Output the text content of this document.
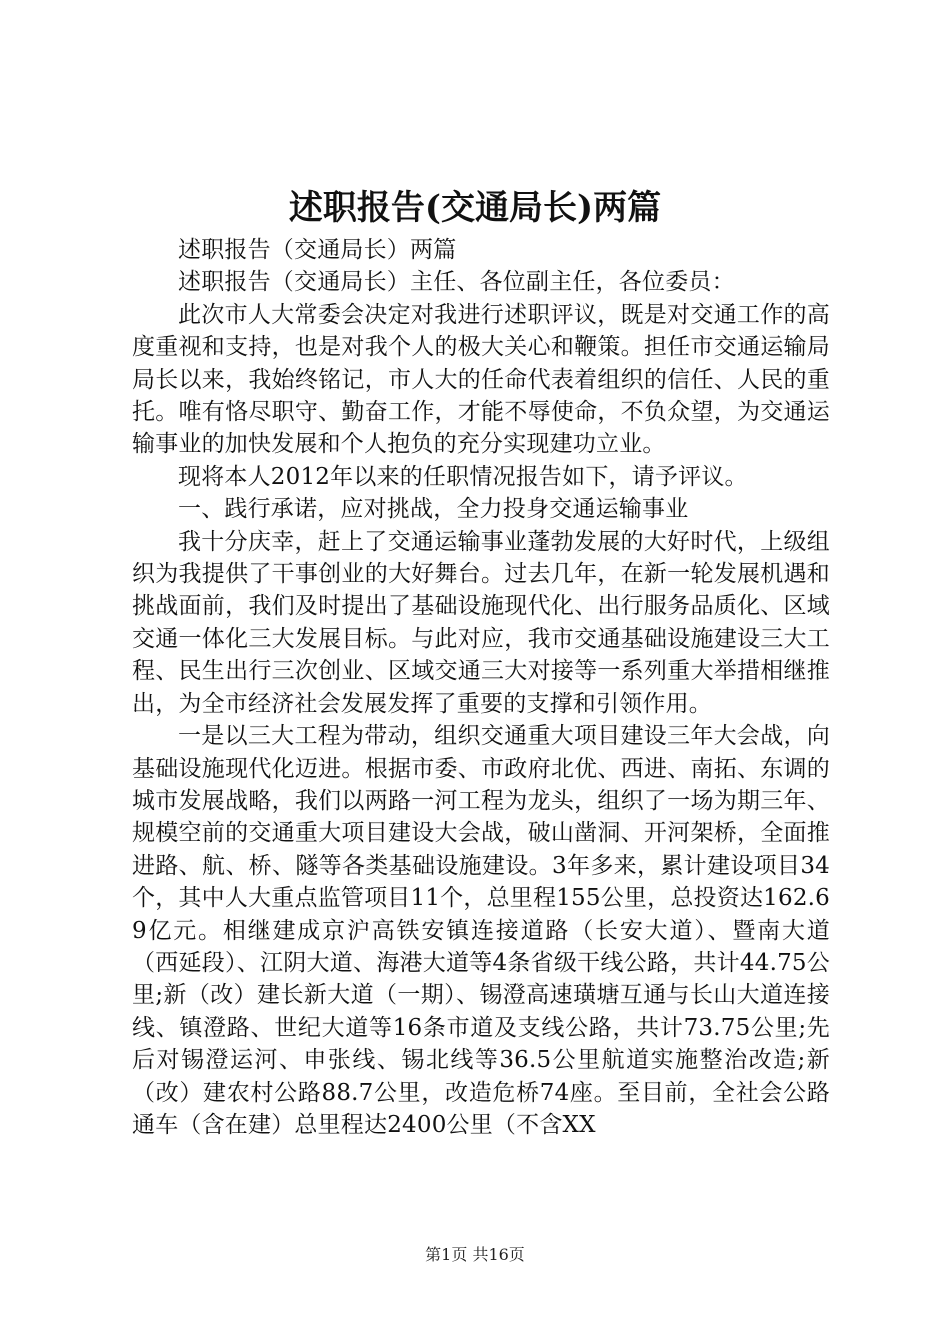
述职报告(交通局长)两篇

述职报告（交通局长）两篇

述职报告（交通局长）主任、各位副主任，各位委员：

此次市人大常委会决定对我进行述职评议，既是对交通工作的高度重视和支持，也是对我个人的极大关心和鞭策。担任市交通运输局局长以来，我始终铭记，市人大的任命代表着组织的信任、人民的重托。唯有恪尽职守、勤奋工作，才能不辱使命，不负众望，为交通运输事业的加快发展和个人抱负的充分实现建功立业。

现将本人2012年以来的任职情况报告如下，请予评议。

一、践行承诺，应对挑战，全力投身交通运输事业

我十分庆幸，赶上了交通运输事业蓬勃发展的大好时代，上级组织为我提供了干事创业的大好舞台。过去几年，在新一轮发展机遇和挑战面前，我们及时提出了基础设施现代化、出行服务品质化、区域交通一体化三大发展目标。与此对应，我市交通基础设施建设三大工程、民生出行三次创业、区域交通三大对接等一系列重大举措相继推出，为全市经济社会发展发挥了重要的支撑和引领作用。

一是以三大工程为带动，组织交通重大项目建设三年大会战，向基础设施现代化迈进。根据市委、市政府北优、西进、南拓、东调的城市发展战略，我们以两路一河工程为龙头，组织了一场为期三年、规模空前的交通重大项目建设大会战，破山凿洞、开河架桥，全面推进路、航、桥、隧等各类基础设施建设。3年多来，累计建设项目34个，其中人大重点监管项目11个，总里程155公里，总投资达162.69亿元。相继建成京沪高铁安镇连接道路（长安大道）、暨南大道（西延段）、江阴大道、海港大道等4条省级干线公路，共计44.75公里;新（改）建长新大道（一期）、锡澄高速璜塘互通与长山大道连接线、镇澄路、世纪大道等16条市道及支线公路，共计73.75公里;先后对锡澄运河、申张线、锡北线等36.5公里航道实施整治改造;新（改）建农村公路88.7公里，改造危桥74座。至目前，全社会公路通车（含在建）总里程达2400公里（不含XX

第1页 共16页
